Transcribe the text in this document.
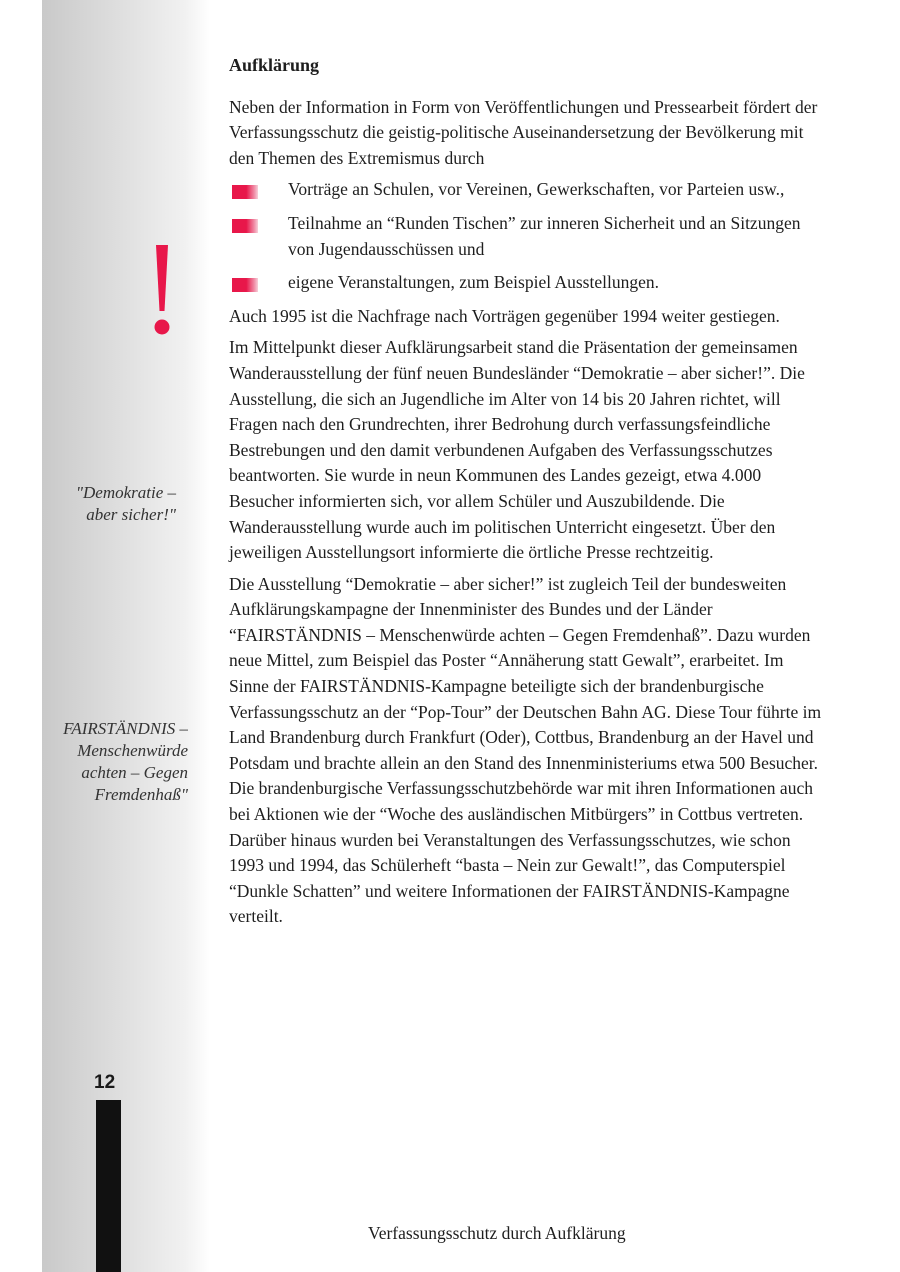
"Demokratie –
aber sicher!"
FAIRSTÄNDNIS –
Menschenwürde
achten – Gegen
Fremdenhaß"
12
Aufklärung

Neben der Information in Form von Veröffentlichungen und Pressearbeit fördert der Verfassungsschutz die geistig-politische Auseinandersetzung der Bevölkerung mit den Themen des Extremismus durch

Vorträge an Schulen, vor Vereinen, Gewerkschaften, vor Parteien usw.,
Teilnahme an “Runden Tischen” zur inneren Sicherheit und an Sitzungen von Jugendausschüssen und
eigene Veranstaltungen, zum Beispiel Ausstellungen.

Auch 1995 ist die Nachfrage nach Vorträgen gegenüber 1994 weiter gestiegen.

Im Mittelpunkt dieser Aufklärungsarbeit stand die Präsentation der gemeinsamen Wanderausstellung der fünf neuen Bundesländer “Demokratie – aber sicher!”. Die Ausstellung, die sich an Jugendliche im Alter von 14 bis 20 Jahren richtet, will Fragen nach den Grundrechten, ihrer Bedrohung durch verfassungsfeindliche Bestrebungen und den damit verbundenen Aufgaben des Verfassungsschutzes beantworten. Sie wurde in neun Kommunen des Landes gezeigt, etwa 4.000 Besucher informierten sich, vor allem Schüler und Auszubildende. Die Wanderausstellung wurde auch im politischen Unterricht eingesetzt. Über den jeweiligen Ausstellungsort informierte die örtliche Presse rechtzeitig.

Die Ausstellung “Demokratie – aber sicher!” ist zugleich Teil der bundesweiten Aufklärungskampagne der Innenminister des Bundes und der Länder “FAIRSTÄNDNIS – Menschenwürde achten – Gegen Fremdenhaß”. Dazu wurden neue Mittel, zum Beispiel das Poster “Annäherung statt Gewalt”, erarbeitet. Im Sinne der FAIRSTÄNDNIS-Kampagne beteiligte sich der brandenburgische Verfassungsschutz an der “Pop-Tour” der Deutschen Bahn AG. Diese Tour führte im Land Brandenburg durch Frankfurt (Oder), Cottbus, Brandenburg an der Havel und Potsdam und brachte allein an den Stand des Innenministeriums etwa 500 Besucher. Die brandenburgische Verfassungsschutzbehörde war mit ihren Informationen auch bei Aktionen wie der “Woche des ausländischen Mitbürgers” in Cottbus vertreten. Darüber hinaus wurden bei Veranstaltungen des Verfassungsschutzes, wie schon 1993 und 1994, das Schülerheft “basta – Nein zur Gewalt!”, das Computerspiel “Dunkle Schatten” und weitere Informationen der FAIRSTÄNDNIS-Kampagne verteilt.

Verfassungsschutz durch Aufklärung
